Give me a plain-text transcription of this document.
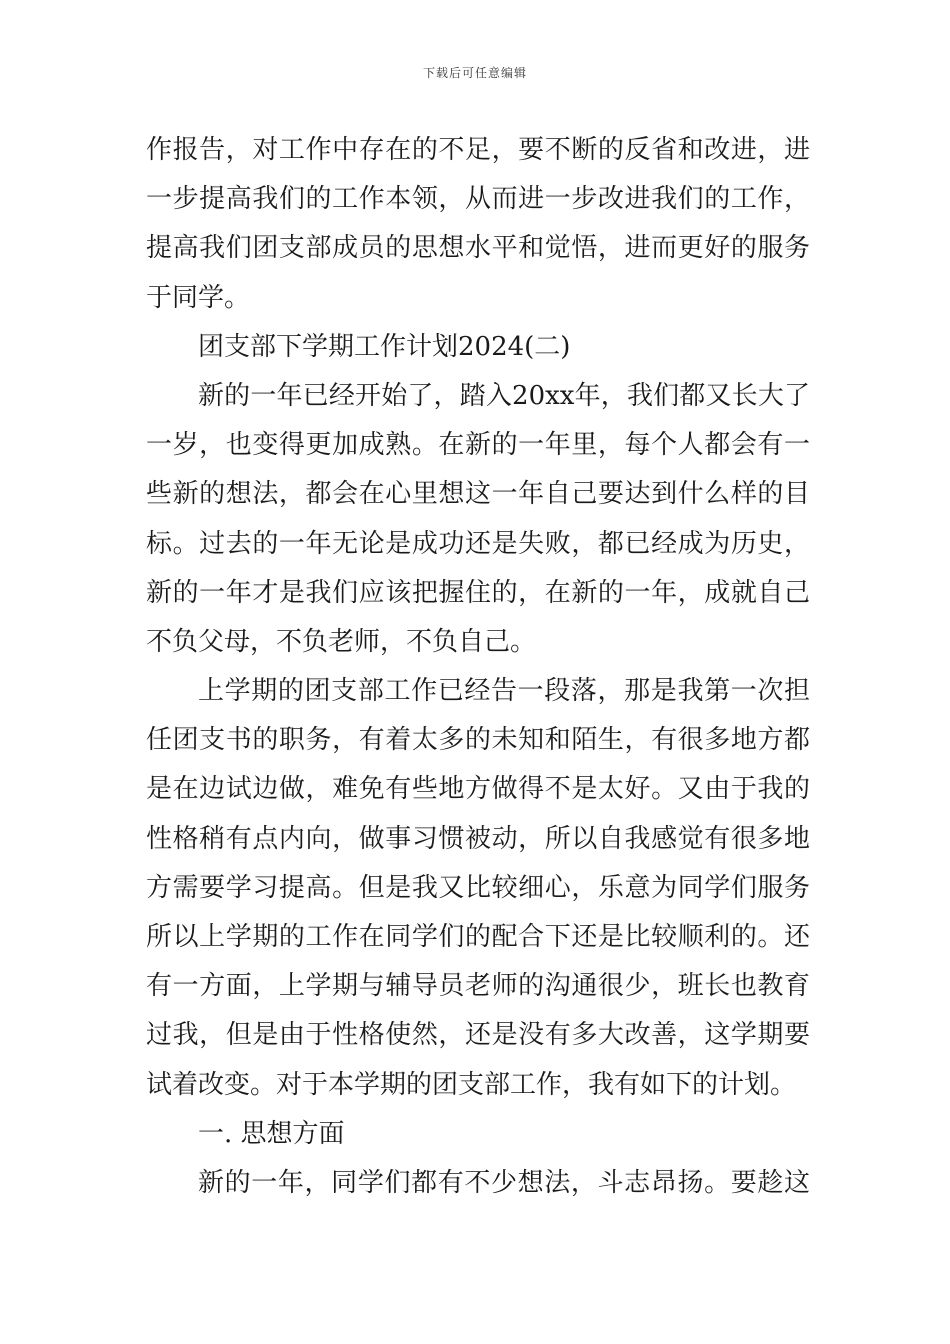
下载后可任意编辑
作报告，对工作中存在的不足，要不断的反省和改进，进
一步提高我们的工作本领，从而进一步改进我们的工作，
提高我们团支部成员的思想水平和觉悟，进而更好的服务
于同学。
团支部下学期工作计划2024(二)
新的一年已经开始了，踏入20xx年，我们都又长大了
一岁，也变得更加成熟。在新的一年里，每个人都会有一
些新的想法，都会在心里想这一年自己要达到什么样的目
标。过去的一年无论是成功还是失败，都已经成为历史，
新的一年才是我们应该把握住的，在新的一年，成就自己
不负父母，不负老师，不负自己。
上学期的团支部工作已经告一段落，那是我第一次担
任团支书的职务，有着太多的未知和陌生，有很多地方都
是在边试边做，难免有些地方做得不是太好。又由于我的
性格稍有点内向，做事习惯被动，所以自我感觉有很多地
方需要学习提高。但是我又比较细心，乐意为同学们服务
所以上学期的工作在同学们的配合下还是比较顺利的。还
有一方面，上学期与辅导员老师的沟通很少，班长也教育
过我，但是由于性格使然，还是没有多大改善，这学期要
试着改变。对于本学期的团支部工作，我有如下的计划。
一. 思想方面
新的一年，同学们都有不少想法，斗志昂扬。要趁这
